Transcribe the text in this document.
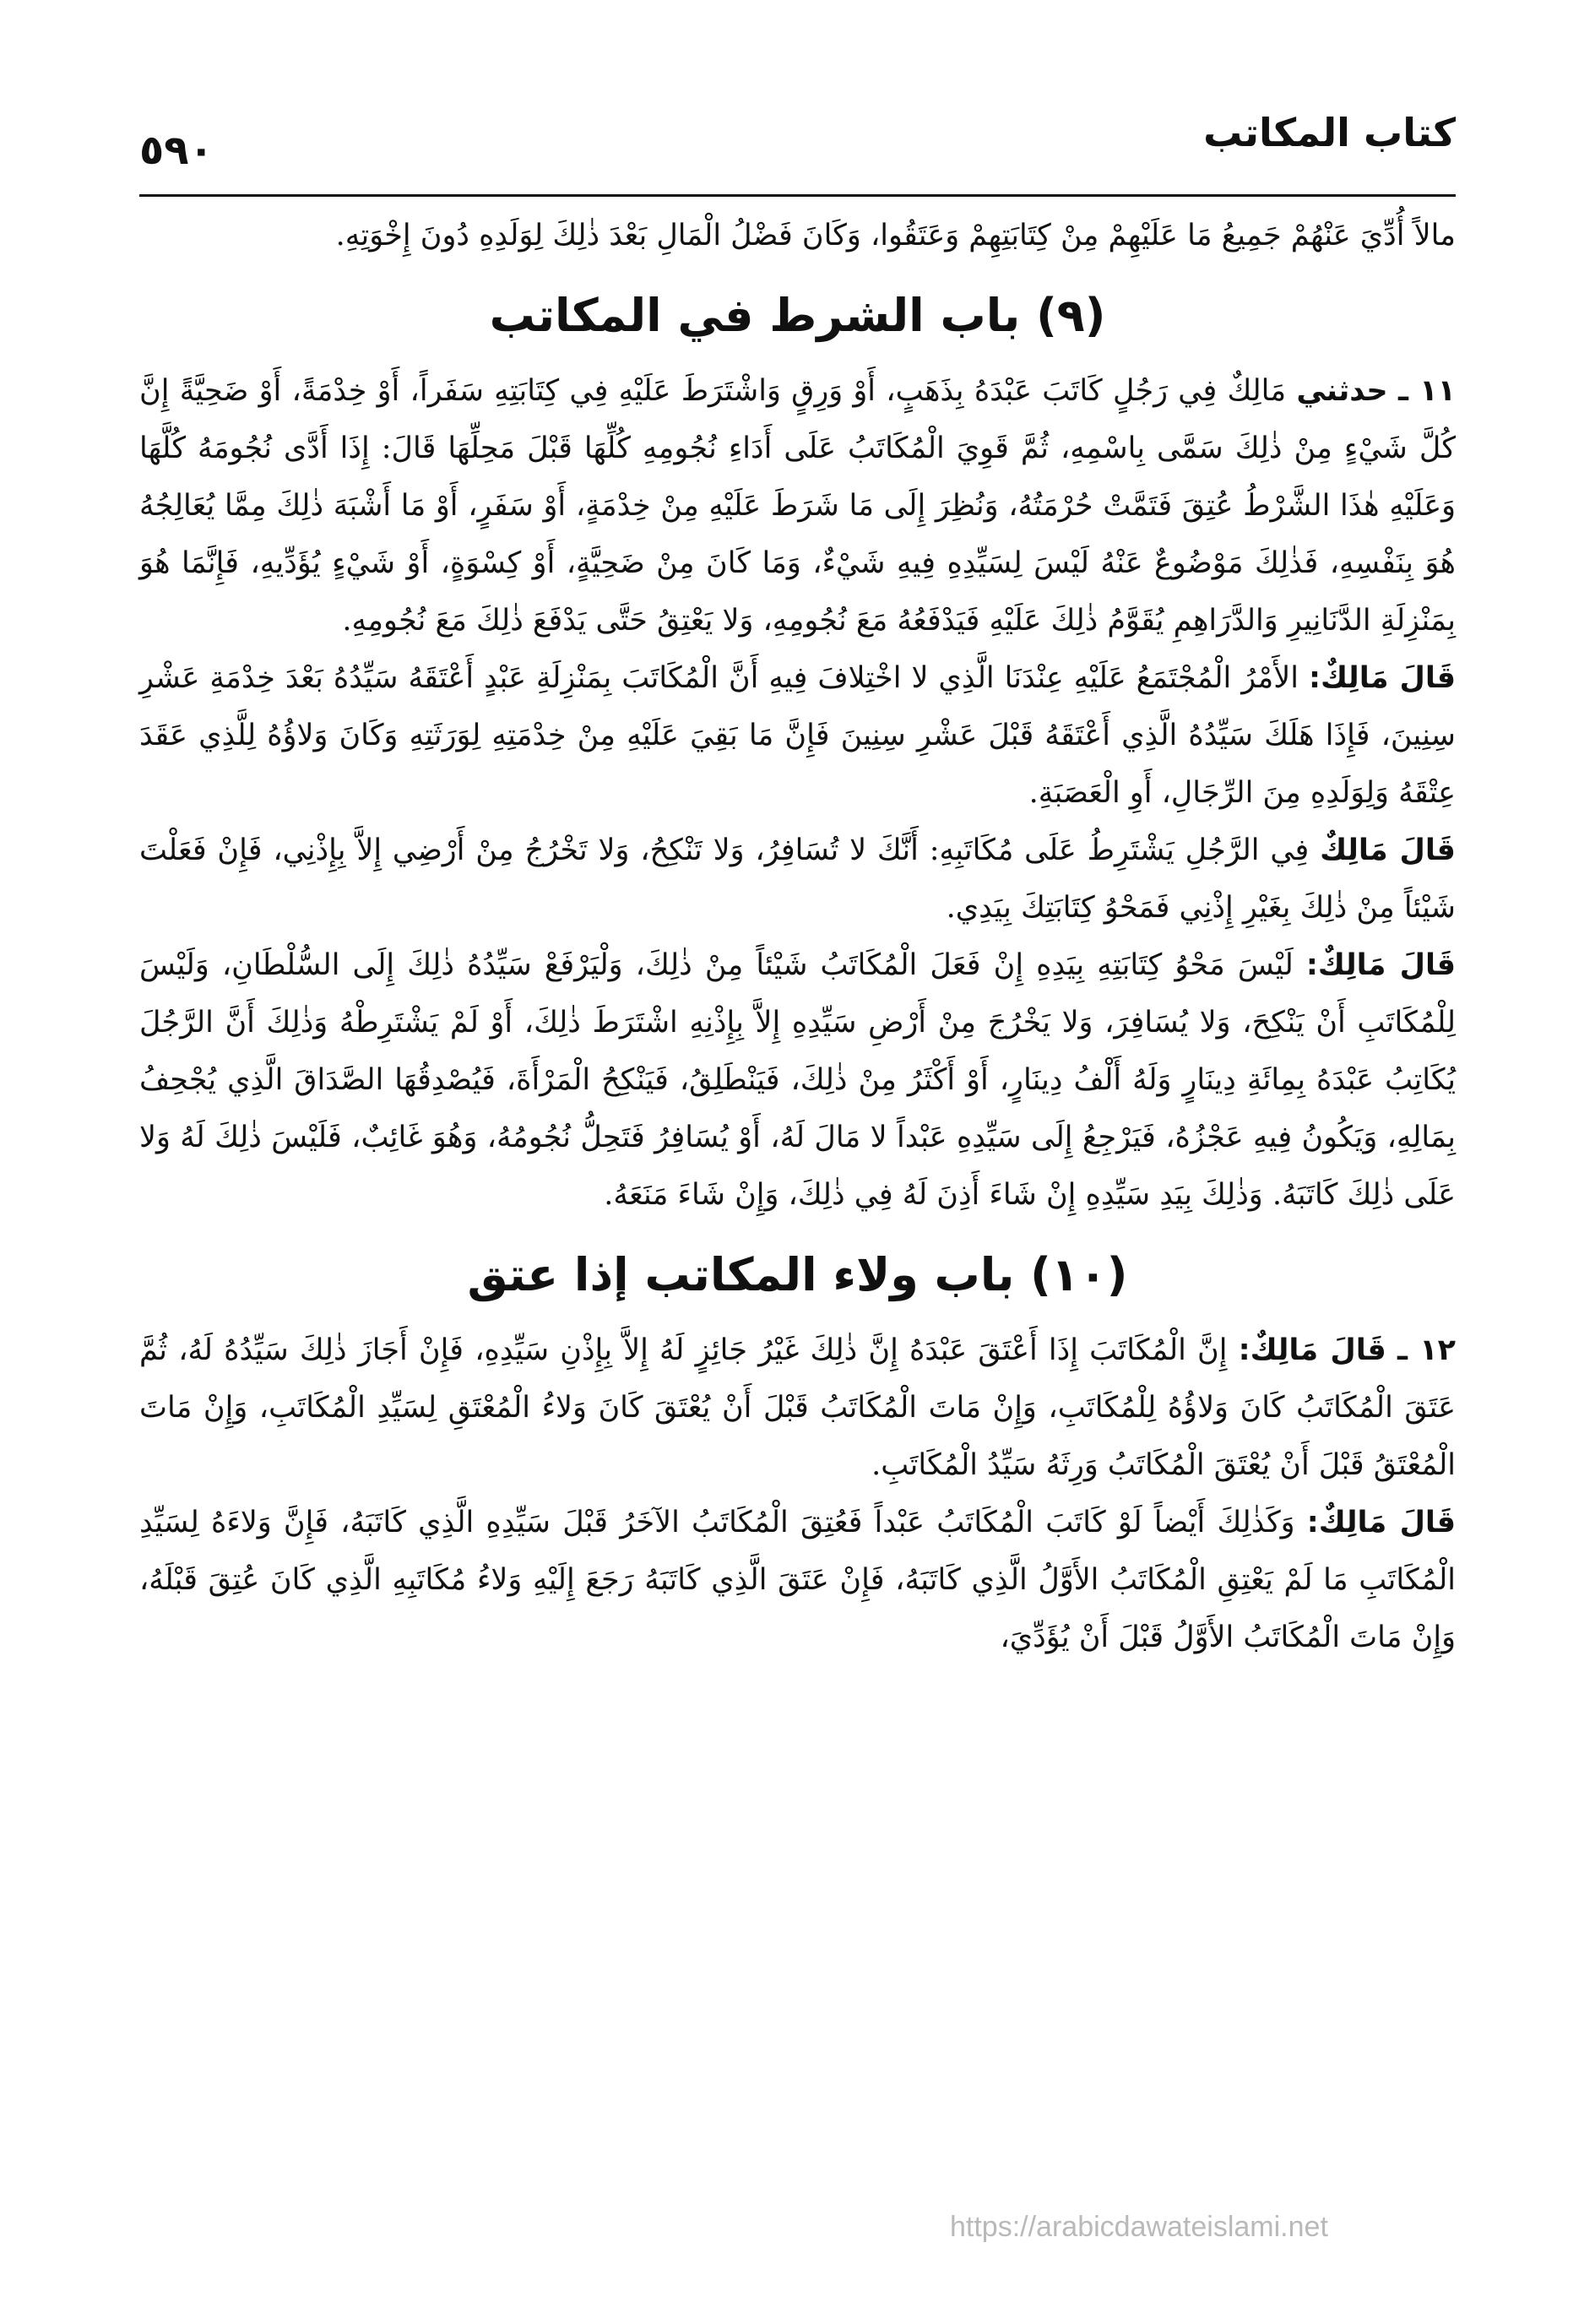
كتاب المكاتب
٥٩٠

مالاً أُدِّيَ عَنْهُمْ جَمِيعُ مَا عَلَيْهِمْ مِنْ كِتَابَتِهِمْ وَعَتَقُوا، وَكَانَ فَضْلُ الْمَالِ بَعْدَ ذٰلِكَ لِوَلَدِهِ دُونَ إِخْوَتِهِ.

(٩) باب الشرط في المكاتب

١١ ـ حدثني مَالِكٌ فِي رَجُلٍ كَاتَبَ عَبْدَهُ بِذَهَبٍ، أَوْ وَرِقٍ وَاشْتَرَطَ عَلَيْهِ فِي كِتَابَتِهِ سَفَراً، أَوْ خِدْمَةً، أَوْ ضَحِيَّةً إِنَّ كُلَّ شَيْءٍ مِنْ ذٰلِكَ سَمَّى بِاسْمِهِ، ثُمَّ قَوِيَ الْمُكَاتَبُ عَلَى أَدَاءِ نُجُومِهِ كُلِّهَا قَبْلَ مَحِلِّهَا قَالَ: إِذَا أَدَّى نُجُومَهُ كُلَّهَا وَعَلَيْهِ هٰذَا الشَّرْطُ عُتِقَ فَتَمَّتْ حُرْمَتُهُ، وَنُظِرَ إِلَى مَا شَرَطَ عَلَيْهِ مِنْ خِدْمَةٍ، أَوْ سَفَرٍ، أَوْ مَا أَشْبَهَ ذٰلِكَ مِمَّا يُعَالِجُهُ هُوَ بِنَفْسِهِ، فَذٰلِكَ مَوْضُوعٌ عَنْهُ لَيْسَ لِسَيِّدِهِ فِيهِ شَيْءٌ، وَمَا كَانَ مِنْ ضَحِيَّةٍ، أَوْ كِسْوَةٍ، أَوْ شَيْءٍ يُؤَدِّيهِ، فَإِنَّمَا هُوَ بِمَنْزِلَةِ الدَّنَانِيرِ وَالدَّرَاهِمِ يُقَوَّمُ ذٰلِكَ عَلَيْهِ فَيَدْفَعُهُ مَعَ نُجُومِهِ، وَلا يَعْتِقُ حَتَّى يَدْفَعَ ذٰلِكَ مَعَ نُجُومِهِ.

قَالَ مَالِكٌ: الأَمْرُ الْمُجْتَمَعُ عَلَيْهِ عِنْدَنَا الَّذِي لا اخْتِلافَ فِيهِ أَنَّ الْمُكَاتَبَ بِمَنْزِلَةِ عَبْدٍ أَعْتَقَهُ سَيِّدُهُ بَعْدَ خِدْمَةِ عَشْرِ سِنِينَ، فَإِذَا هَلَكَ سَيِّدُهُ الَّذِي أَعْتَقَهُ قَبْلَ عَشْرِ سِنِينَ فَإِنَّ مَا بَقِيَ عَلَيْهِ مِنْ خِدْمَتِهِ لِوَرَثَتِهِ وَكَانَ وَلاؤُهُ لِلَّذِي عَقَدَ عِتْقَهُ وَلِوَلَدِهِ مِنَ الرِّجَالِ، أَوِ الْعَصَبَةِ.

قَالَ مَالِكٌ فِي الرَّجُلِ يَشْتَرِطُ عَلَى مُكَاتَبِهِ: أَنَّكَ لا تُسَافِرُ، وَلا تَنْكِحُ، وَلا تَخْرُجُ مِنْ أَرْضِي إِلاَّ بِإِذْنِي، فَإِنْ فَعَلْتَ شَيْئاً مِنْ ذٰلِكَ بِغَيْرِ إِذْنِي فَمَحْوُ كِتَابَتِكَ بِيَدِي.

قَالَ مَالِكٌ: لَيْسَ مَحْوُ كِتَابَتِهِ بِيَدِهِ إِنْ فَعَلَ الْمُكَاتَبُ شَيْئاً مِنْ ذٰلِكَ، وَلْيَرْفَعْ سَيِّدُهُ ذٰلِكَ إِلَى السُّلْطَانِ، وَلَيْسَ لِلْمُكَاتَبِ أَنْ يَنْكِحَ، وَلا يُسَافِرَ، وَلا يَخْرُجَ مِنْ أَرْضِ سَيِّدِهِ إِلاَّ بِإِذْنِهِ اشْتَرَطَ ذٰلِكَ، أَوْ لَمْ يَشْتَرِطْهُ وَذٰلِكَ أَنَّ الرَّجُلَ يُكَاتِبُ عَبْدَهُ بِمِائَةِ دِينَارٍ وَلَهُ أَلْفُ دِينَارٍ، أَوْ أَكْثَرُ مِنْ ذٰلِكَ، فَيَنْطَلِقُ، فَيَنْكِحُ الْمَرْأَةَ، فَيُصْدِقُهَا الصَّدَاقَ الَّذِي يُجْحِفُ بِمَالِهِ، وَيَكُونُ فِيهِ عَجْزُهُ، فَيَرْجِعُ إِلَى سَيِّدِهِ عَبْداً لا مَالَ لَهُ، أَوْ يُسَافِرُ فَتَحِلُّ نُجُومُهُ، وَهُوَ غَائِبٌ، فَلَيْسَ ذٰلِكَ لَهُ وَلا عَلَى ذٰلِكَ كَاتَبَهُ. وَذٰلِكَ بِيَدِ سَيِّدِهِ إِنْ شَاءَ أَذِنَ لَهُ فِي ذٰلِكَ، وَإِنْ شَاءَ مَنَعَهُ.

(١٠) باب ولاء المكاتب إذا عتق

١٢ ـ قَالَ مَالِكٌ: إِنَّ الْمُكَاتَبَ إِذَا أَعْتَقَ عَبْدَهُ إِنَّ ذٰلِكَ غَيْرُ جَائِزٍ لَهُ إِلاَّ بِإِذْنِ سَيِّدِهِ، فَإِنْ أَجَازَ ذٰلِكَ سَيِّدُهُ لَهُ، ثُمَّ عَتَقَ الْمُكَاتَبُ كَانَ وَلاؤُهُ لِلْمُكَاتَبِ، وَإِنْ مَاتَ الْمُكَاتَبُ قَبْلَ أَنْ يُعْتَقَ كَانَ وَلاءُ الْمُعْتَقِ لِسَيِّدِ الْمُكَاتَبِ، وَإِنْ مَاتَ الْمُعْتَقُ قَبْلَ أَنْ يُعْتَقَ الْمُكَاتَبُ وَرِثَهُ سَيِّدُ الْمُكَاتَبِ.

قَالَ مَالِكٌ: وَكَذٰلِكَ أَيْضاً لَوْ كَاتَبَ الْمُكَاتَبُ عَبْداً فَعُتِقَ الْمُكَاتَبُ الآخَرُ قَبْلَ سَيِّدِهِ الَّذِي كَاتَبَهُ، فَإِنَّ وَلاءَهُ لِسَيِّدِ الْمُكَاتَبِ مَا لَمْ يَعْتِقِ الْمُكَاتَبُ الأَوَّلُ الَّذِي كَاتَبَهُ، فَإِنْ عَتَقَ الَّذِي كَاتَبَهُ رَجَعَ إِلَيْهِ وَلاءُ مُكَاتَبِهِ الَّذِي كَانَ عُتِقَ قَبْلَهُ، وَإِنْ مَاتَ الْمُكَاتَبُ الأَوَّلُ قَبْلَ أَنْ يُؤَدِّيَ،

https://arabicdawateislami.net
